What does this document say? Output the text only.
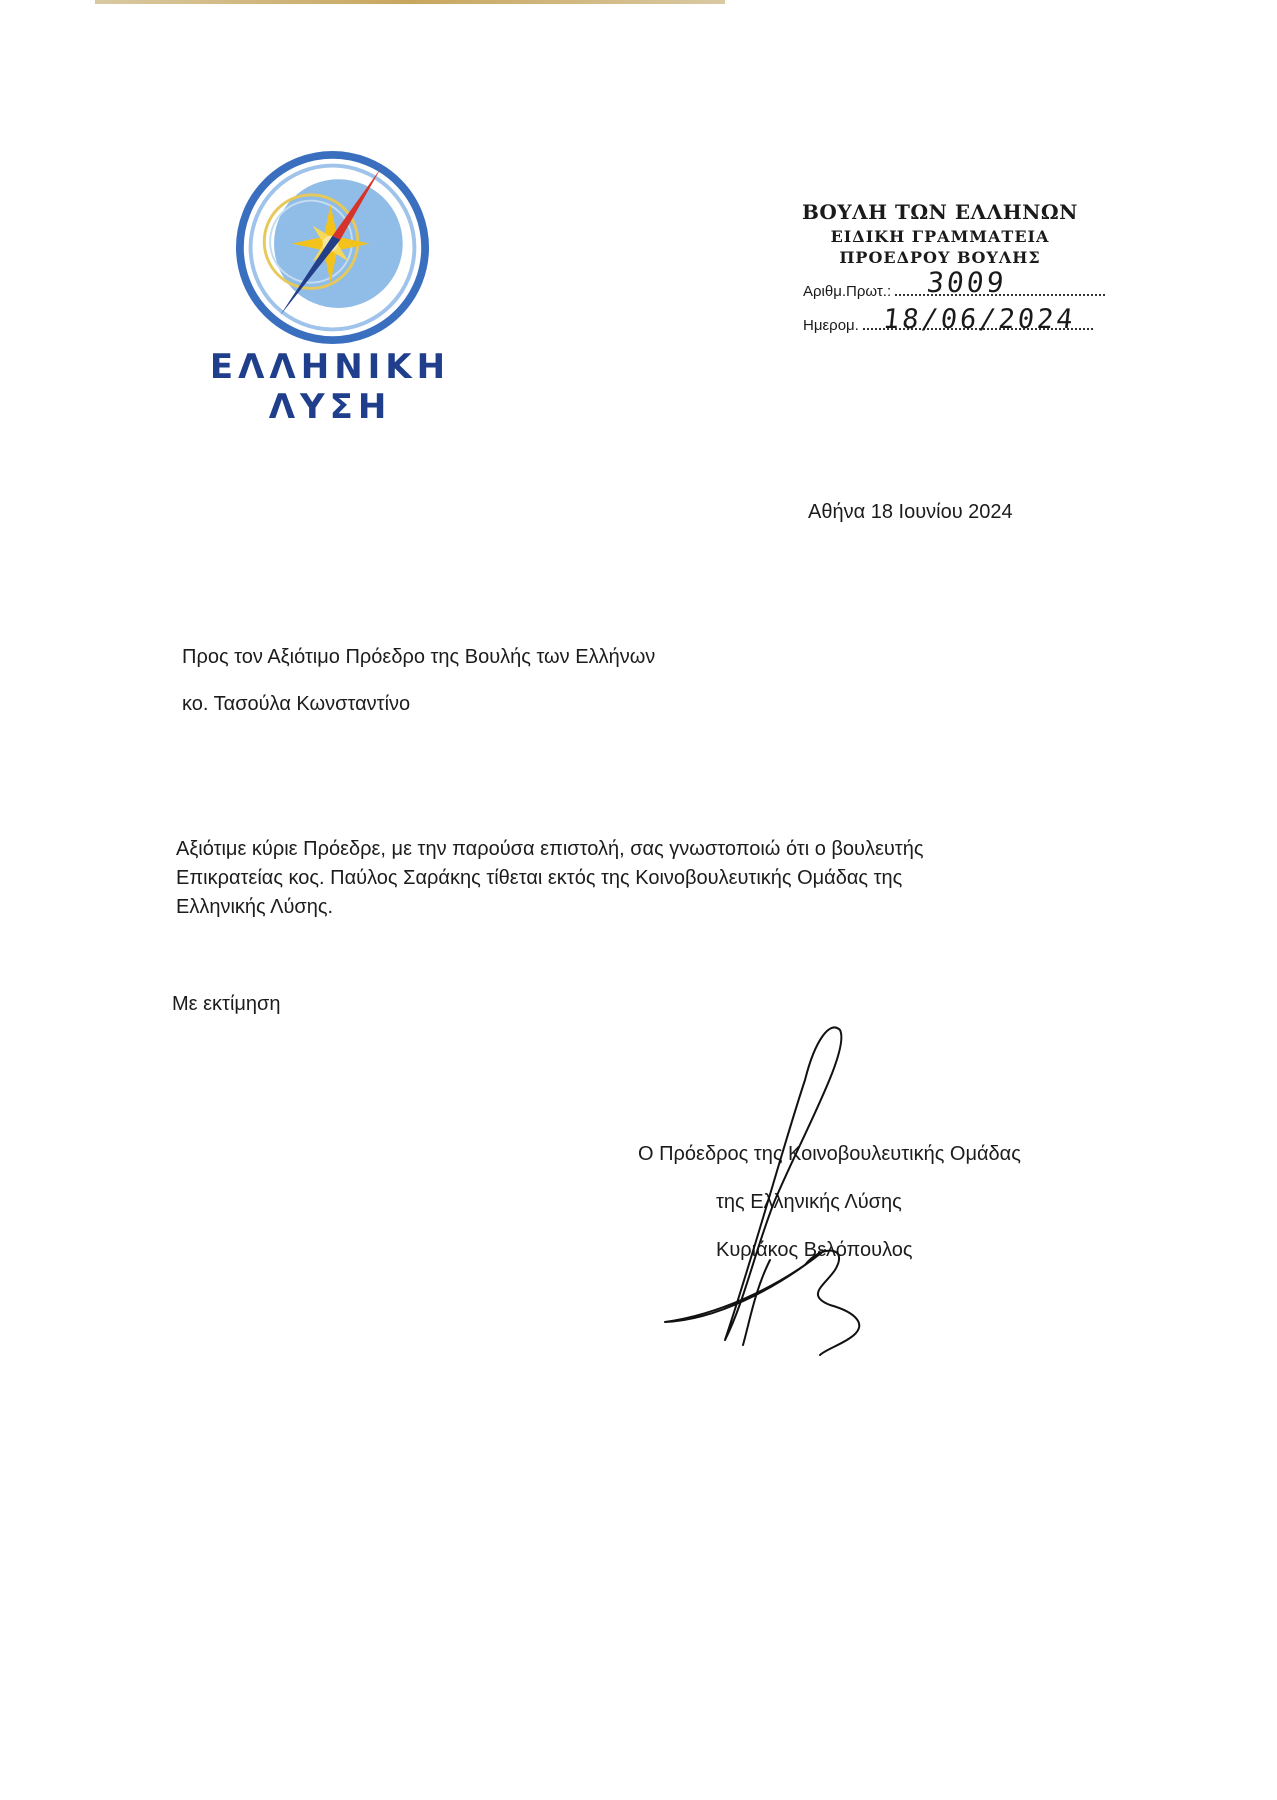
ΕΛΛΗΝΙΚΗ
ΛΥΣΗ
ΒΟΥΛΗ ΤΩΝ ΕΛΛΗΝΩΝ
ΕΙΔΙΚΗ ΓΡΑΜΜΑΤΕΙΑ
ΠΡΟΕΔΡΟΥ ΒΟΥΛΗΣ
Αριθμ.Πρωτ.:	3009
Ημερομ. 18/06/2024
Αθήνα 18 Ιουνίου 2024
Προς τον Αξιότιμο Πρόεδρο της Βουλής των Ελλήνων
κο. Τασούλα Κωνσταντίνο
Αξιότιμε κύριε Πρόεδρε, με την παρούσα επιστολή, σας γνωστοποιώ ότι ο βουλευτής
Επικρατείας κος. Παύλος Σαράκης τίθεται εκτός της Κοινοβουλευτικής Ομάδας της
Ελληνικής Λύσης.
Με εκτίμηση
Ο Πρόεδρος της Κοινοβουλευτικής Ομάδας
της Ελληνικής Λύσης
Κυριάκος Βελόπουλος
